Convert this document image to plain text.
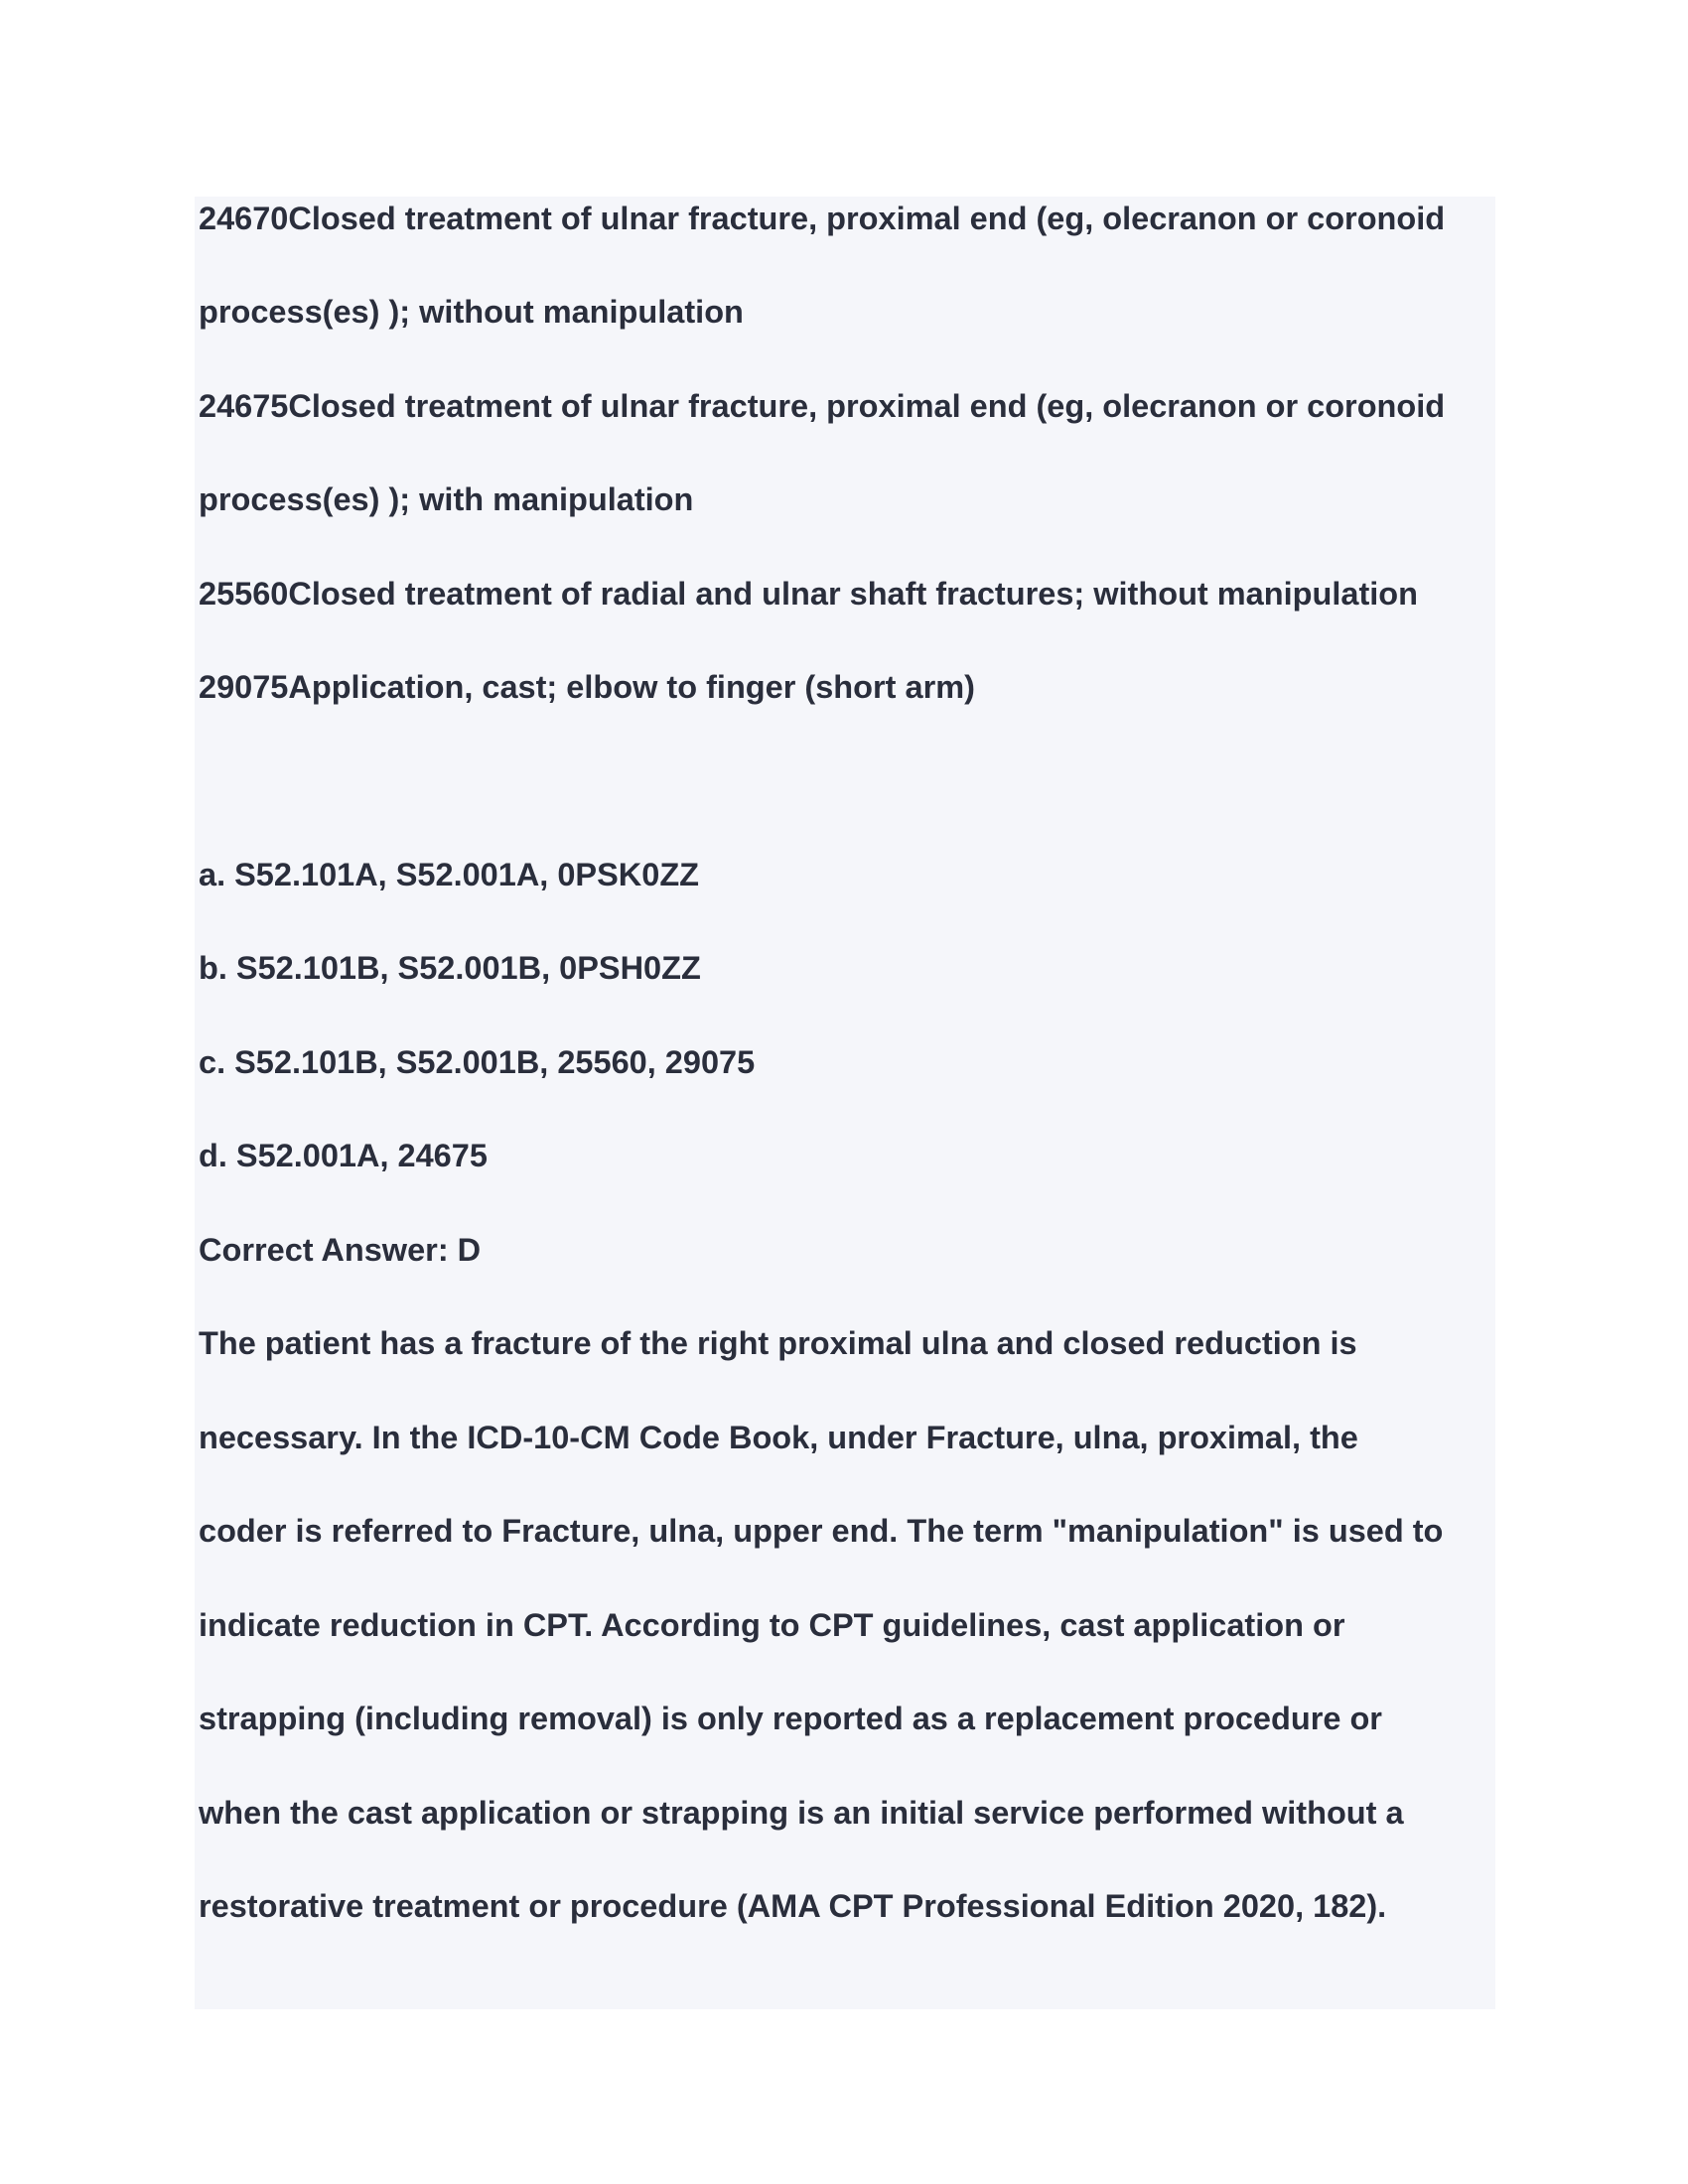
24670Closed treatment of ulnar fracture, proximal end (eg, olecranon or coronoid
process(es) ); without manipulation
24675Closed treatment of ulnar fracture, proximal end (eg, olecranon or coronoid
process(es) ); with manipulation
25560Closed treatment of radial and ulnar shaft fractures; without manipulation
29075Application, cast; elbow to finger (short arm)
a. S52.101A, S52.001A, 0PSK0ZZ
b. S52.101B, S52.001B, 0PSH0ZZ
c. S52.101B, S52.001B, 25560, 29075
d. S52.001A, 24675
Correct Answer: D
The patient has a fracture of the right proximal ulna and closed reduction is
necessary. In the ICD-10-CM Code Book, under Fracture, ulna, proximal, the
coder is referred to Fracture, ulna, upper end. The term "manipulation" is used to
indicate reduction in CPT. According to CPT guidelines, cast application or
strapping (including removal) is only reported as a replacement procedure or
when the cast application or strapping is an initial service performed without a
restorative treatment or procedure (AMA CPT Professional Edition 2020, 182).
